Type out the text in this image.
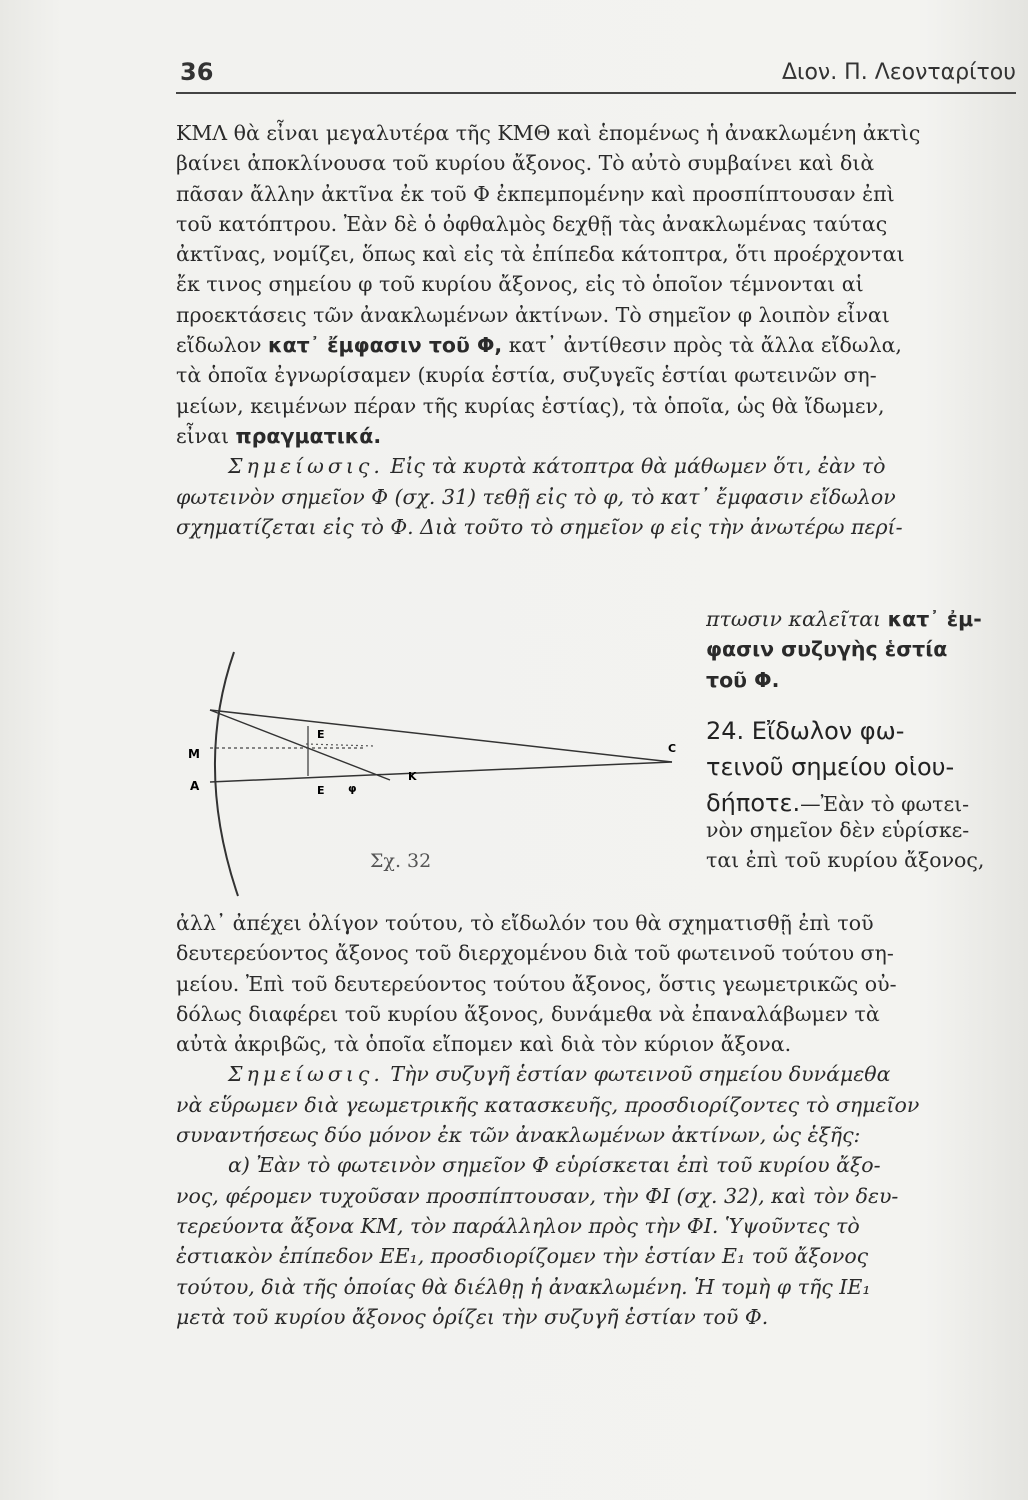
36	Διον. Π. Λεονταρίτου
ΚΜΛ θὰ εἶναι μεγαλυτέρα τῆς ΚΜΘ καὶ ἑπομένως ἡ ἀνακλωμένη ἀκτὶς
βαίνει ἀποκλίνουσα τοῦ κυρίου ἄξονος. Τὸ αὐτὸ συμβαίνει καὶ διὰ
πᾶσαν ἄλλην ἀκτῖνα ἐκ τοῦ Φ ἐκπεμπομένην καὶ προσπίπτουσαν ἐπὶ
τοῦ κατόπτρου. Ἐὰν δὲ ὁ ὀφθαλμὸς δεχθῇ τὰς ἀνακλωμένας ταύτας
ἀκτῖνας, νομίζει, ὅπως καὶ εἰς τὰ ἐπίπεδα κάτοπτρα, ὅτι προέρχονται
ἔκ τινος σημείου φ τοῦ κυρίου ἄξονος, εἰς τὸ ὁποῖον τέμνονται αἱ
προεκτάσεις τῶν ἀνακλωμένων ἀκτίνων. Τὸ σημεῖον φ λοιπὸν εἶναι
εἴδωλον κατ᾽ ἔμφασιν τοῦ Φ, κατ᾽ ἀντίθεσιν πρὸς τὰ ἄλλα εἴδωλα,
τὰ ὁποῖα ἐγνωρίσαμεν (κυρία ἑστία, συζυγεῖς ἑστίαι φωτεινῶν ση-
μείων, κειμένων πέραν τῆς κυρίας ἑστίας), τὰ ὁποῖα, ὡς θὰ ἴδωμεν,
εἶναι πραγματικά.
Σημείωσις. Εἰς τὰ κυρτὰ κάτοπτρα θὰ μάθωμεν ὅτι, ἐὰν τὸ
φωτεινὸν σημεῖον Φ (σχ. 31) τεθῇ εἰς τὸ φ, τὸ κατ᾽ ἔμφασιν εἴδωλον
σχηματίζεται εἰς τὸ Φ. Διὰ τοῦτο τὸ σημεῖον φ εἰς τὴν ἀνωτέρω περί-
M
A
E
E φ
K
C
Σχ. 32
πτωσιν καλεῖται κατ᾽ ἐμ-
φασιν συζυγὴς ἑστία
τοῦ Φ.
24. Εἴδωλον φω-
τεινοῦ σημείου οἱου-
δήποτε.—Ἐὰν τὸ φωτει-
νὸν σημεῖον δὲν εὑρίσκε-
ται ἐπὶ τοῦ κυρίου ἄξονος,
ἀλλ᾽ ἀπέχει ὀλίγον τούτου, τὸ εἴδωλόν του θὰ σχηματισθῇ ἐπὶ τοῦ
δευτερεύοντος ἄξονος τοῦ διερχομένου διὰ τοῦ φωτεινοῦ τούτου ση-
μείου. Ἐπὶ τοῦ δευτερεύοντος τούτου ἄξονος, ὅστις γεωμετρικῶς οὐ-
δόλως διαφέρει τοῦ κυρίου ἄξονος, δυνάμεθα νὰ ἐπαναλάβωμεν τὰ
αὐτὰ ἀκριβῶς, τὰ ὁποῖα εἴπομεν καὶ διὰ τὸν κύριον ἄξονα.
Σημείωσις. Τὴν συζυγῆ ἑστίαν φωτεινοῦ σημείου δυνάμεθα
νὰ εὕρωμεν διὰ γεωμετρικῆς κατασκευῆς, προσδιορίζοντες τὸ σημεῖον
συναντήσεως δύο μόνον ἐκ τῶν ἀνακλωμένων ἀκτίνων, ὡς ἑξῆς:
α) Ἐὰν τὸ φωτεινὸν σημεῖον Φ εὑρίσκεται ἐπὶ τοῦ κυρίου ἄξο-
νος, φέρομεν τυχοῦσαν προσπίπτουσαν, τὴν ΦΙ (σχ. 32), καὶ τὸν δευ-
τερεύοντα ἄξονα ΚΜ, τὸν παράλληλον πρὸς τὴν ΦΙ. Ὑψοῦντες τὸ
ἑστιακὸν ἐπίπεδον ΕΕ₁, προσδιορίζομεν τὴν ἑστίαν Ε₁ τοῦ ἄξονος
τούτου, διὰ τῆς ὁποίας θὰ διέλθῃ ἡ ἀνακλωμένη. Ἡ τομὴ φ τῆς ΙΕ₁
μετὰ τοῦ κυρίου ἄξονος ὁρίζει τὴν συζυγῆ ἑστίαν τοῦ Φ.
